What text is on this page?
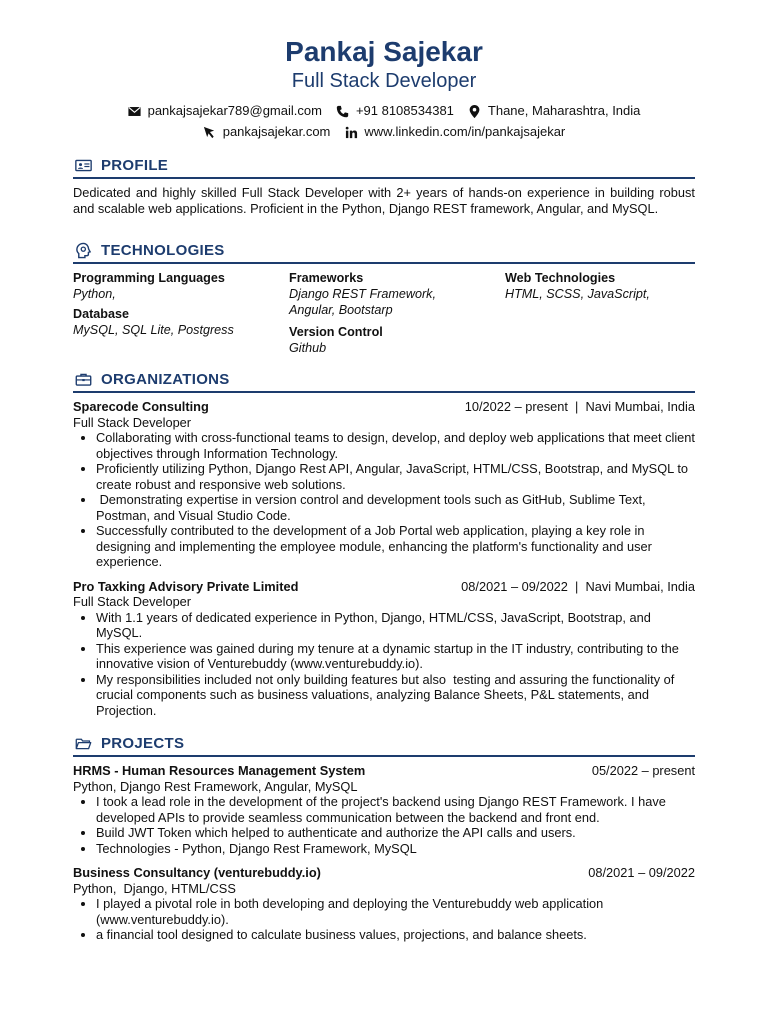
Pankaj Sajekar
Full Stack Developer
pankajsajekar789@gmail.com	+91 8108534381	Thane, Maharashtra, India
pankajsajekar.com	www.linkedin.com/in/pankajsajekar
PROFILE
Dedicated and highly skilled Full Stack Developer with 2+ years of hands-on experience in building robust and scalable web applications. Proficient in the Python, Django REST framework, Angular, and MySQL.
TECHNOLOGIES
Programming Languages
Python,
Frameworks
Django REST Framework, Angular, Bootstarp
Web Technologies
HTML, SCSS, JavaScript,
Database
MySQL, SQL Lite, Postgress	Version Control
Github
ORGANIZATIONS
Sparecode Consulting	10/2022 – present  |  Navi Mumbai, India
Full Stack Developer
• Collaborating with cross-functional teams to design, develop, and deploy web applications that meet client objectives through Information Technology.
• Proficiently utilizing Python, Django Rest API, Angular, JavaScript, HTML/CSS, Bootstrap, and MySQL to create robust and responsive web solutions.
•  Demonstrating expertise in version control and development tools such as GitHub, Sublime Text, Postman, and Visual Studio Code.
• Successfully contributed to the development of a Job Portal web application, playing a key role in designing and implementing the employee module, enhancing the platform's functionality and user experience.
Pro Taxking Advisory Private Limited	08/2021 – 09/2022  |  Navi Mumbai, India
Full Stack Developer
• With 1.1 years of dedicated experience in Python, Django, HTML/CSS, JavaScript, Bootstrap, and MySQL.
• This experience was gained during my tenure at a dynamic startup in the IT industry, contributing to the innovative vision of Venturebuddy (www.venturebuddy.io).
• My responsibilities included not only building features but also  testing and assuring the functionality of crucial components such as business valuations, analyzing Balance Sheets, P&L statements, and Projection.
PROJECTS
HRMS - Human Resources Management System	05/2022 – present
Python, Django Rest Framework, Angular, MySQL
• I took a lead role in the development of the project's backend using Django REST Framework. I have developed APIs to provide seamless communication between the backend and front end.
• Build JWT Token which helped to authenticate and authorize the API calls and users.
• Technologies - Python, Django Rest Framework, MySQL
Business Consultancy (venturebuddy.io)	08/2021 – 09/2022
Python,  Django, HTML/CSS
• I played a pivotal role in both developing and deploying the Venturebuddy web application (www.venturebuddy.io).
• a financial tool designed to calculate business values, projections, and balance sheets.
